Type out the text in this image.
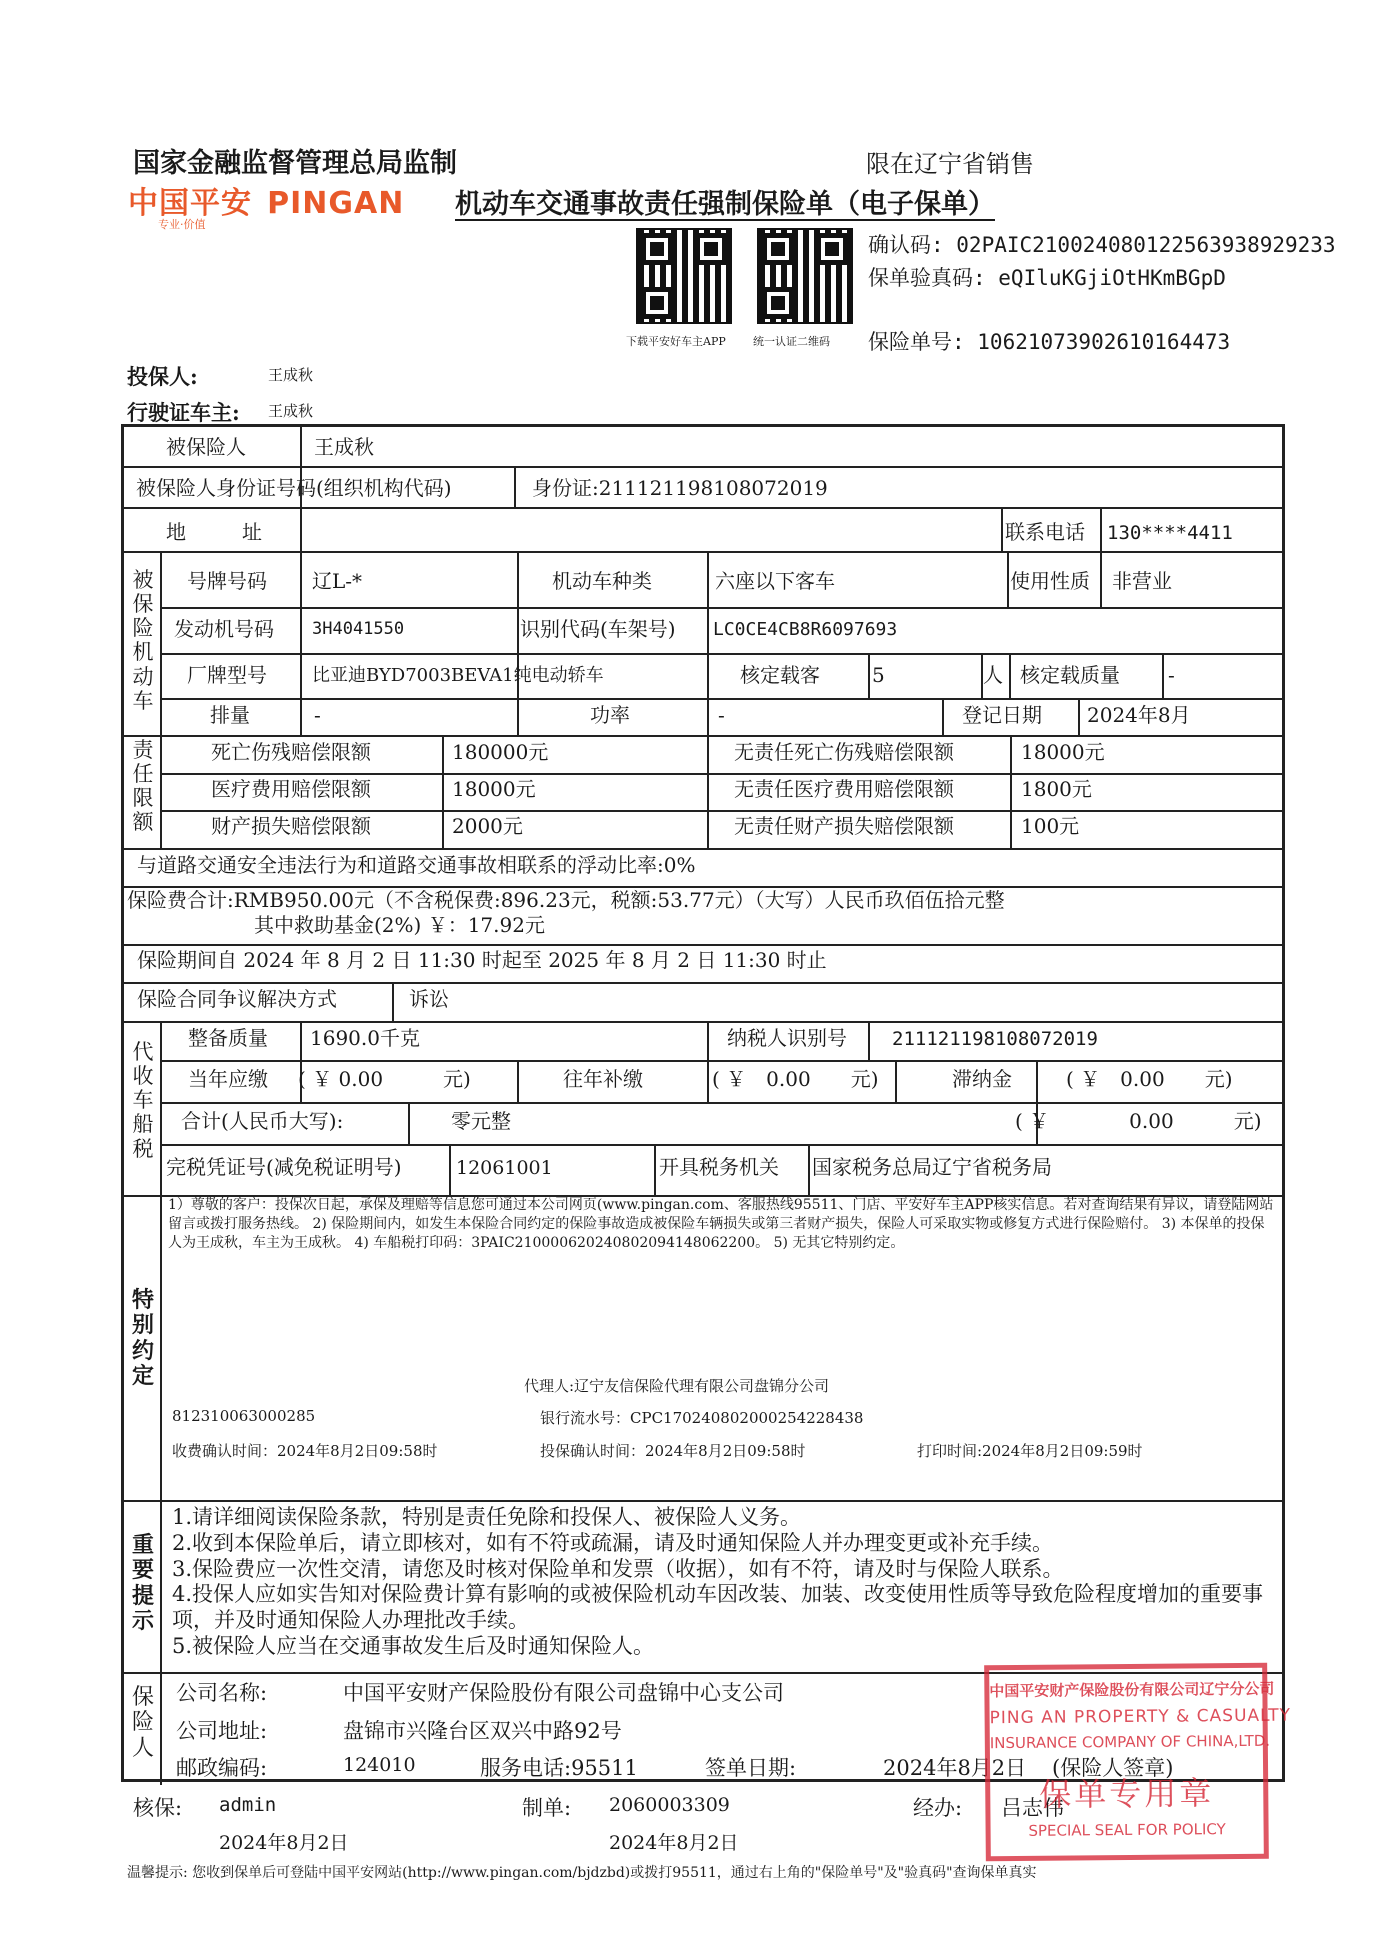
国家金融监督管理总局监制	限在辽宁省销售
中国平安 PINGAN
专业·价值
机动车交通事故责任强制保险单（电子保单）
下载平安好车主APP 统一认证二维码
确认码: 02PAIC21002408012256393892923​3
保单验真码: eQIluKGjiOtHKmBGpD
保险单号: 106210739026101644​73
投保人:	王成秋
行驶证车主: 王成秋
被保险人	王成秋
被保险人身份证号码(组织机构代码)	身份证:211121198108072019
地　址	联系电话 130****4411
被保险机动车
号牌号码 辽L-*	机动车种类	六座以下客车	使用性质 非营业
发动机号码 3H4041550	识别代码(车架号) LC0CE4CB8R6097693
厂牌型号	比亚迪BYD7003BEVA1纯电动轿车	核定载客	5	人 核定载质量 -
排量	-	功率	-	登记日期 2024年8月
责任限额
死亡伤残赔偿限额	180000元	无责任死亡伤残赔偿限额	18000元
医疗费用赔偿限额	18000元	无责任医疗费用赔偿限额	1800元
财产损失赔偿限额	2000元	无责任财产损失赔偿限额	100元
与道路交通安全违法行为和道路交通事故相联系的浮动比率:0%
保险费合计:RMB950.00元（不含税保费:896.23元，税额:53.77元）（大写）人民币玖佰伍拾元整
其中救助基金(2%) ￥：17.92元
保险期间自 2024 年 8 月 2 日 11:30 时起至 2025 年 8 月 2 日 11:30 时止
保险合同争议解决方式	诉讼
代收车船税
整备质量 1690.0千克	纳税人识别号 211121198108072019
当年应缴 ( ￥ 0.00　　　元)	往年补缴	( ￥　0.00　　元)	滞纳金	( ￥　0.00　　元)
合计(人民币大写):	零元整	( ￥　　　　0.00　　　元)
完税凭证号(减免税证明号)	12061001	开具税务机关 国家税务总局辽宁省税务局
特别约定
1）尊敬的客户：投保次日起，承保及理赔等信息您可通过本公司网页(www.pingan.com、客服热线95511、门店、平安好车主APP核实信息。若对查询结果有异议，请登陆网站留言或拨打服务热线。 2) 保险期间内，如发生本保险合同约定的保险事故造成被保险车辆损失或第三者财产损失，保险人可采取实物或修复方式进行保险赔付。 3) 本保单的投保人为王成秋，车主为王成秋。 4) 车船税打印码：3PAIC2100006202408020941480622​00。 5) 无其它特别约定。
代理人:辽宁友信保险代理有限公司盘锦分公司
812310063000285	银行流水号：CPC1702408020002542284​38
收费确认时间：2024年8月2日09:58时	投保确认时间：2024年8月2日09:58时	打印时间:2024年8月2日09:59时
重要提示
1.请详细阅读保险条款，特别是责任免除和投保人、被保险人义务。
2.收到本保险单后，请立即核对，如有不符或疏漏，请及时通知保险人并办理变更或补充手续。
3.保险费应一次性交清，请您及时核对保险单和发票（收据），如有不符，请及时与保险人联系。
4.投保人应如实告知对保险费计算有影响的或被保险机动车因改装、加装、改变使用性质等导致危险程度增加的重要事项，并及时通知保险人办理批改手续。
5.被保险人应当在交通事故发生后及时通知保险人。
保险人
公司名称:	中国平安财产保险股份有限公司盘锦中心支公司
公司地址:	盘锦市兴隆台区双兴中路92号
邮政编码:	124010	服务电话:95511	签单日期:	2024年8月2日 (保险人签章)
核保: admin
2024年8月2日
制单: 2060003309
2024年8月2日
经办: 吕志伟
温馨提示: 您收到保单后可登陆中国平安网站(http://www.pingan.com/bjdzbd)或拨打95511，通过右上角的"保险单号"及"验真码"查询保单真实
中国平安财产保险股份有限公司辽宁分公司
PING AN PROPERTY & CASUALTY
INSURANCE COMPANY OF CHINA,LTD.
保单专用章
SPECIAL SEAL FOR POLICY
